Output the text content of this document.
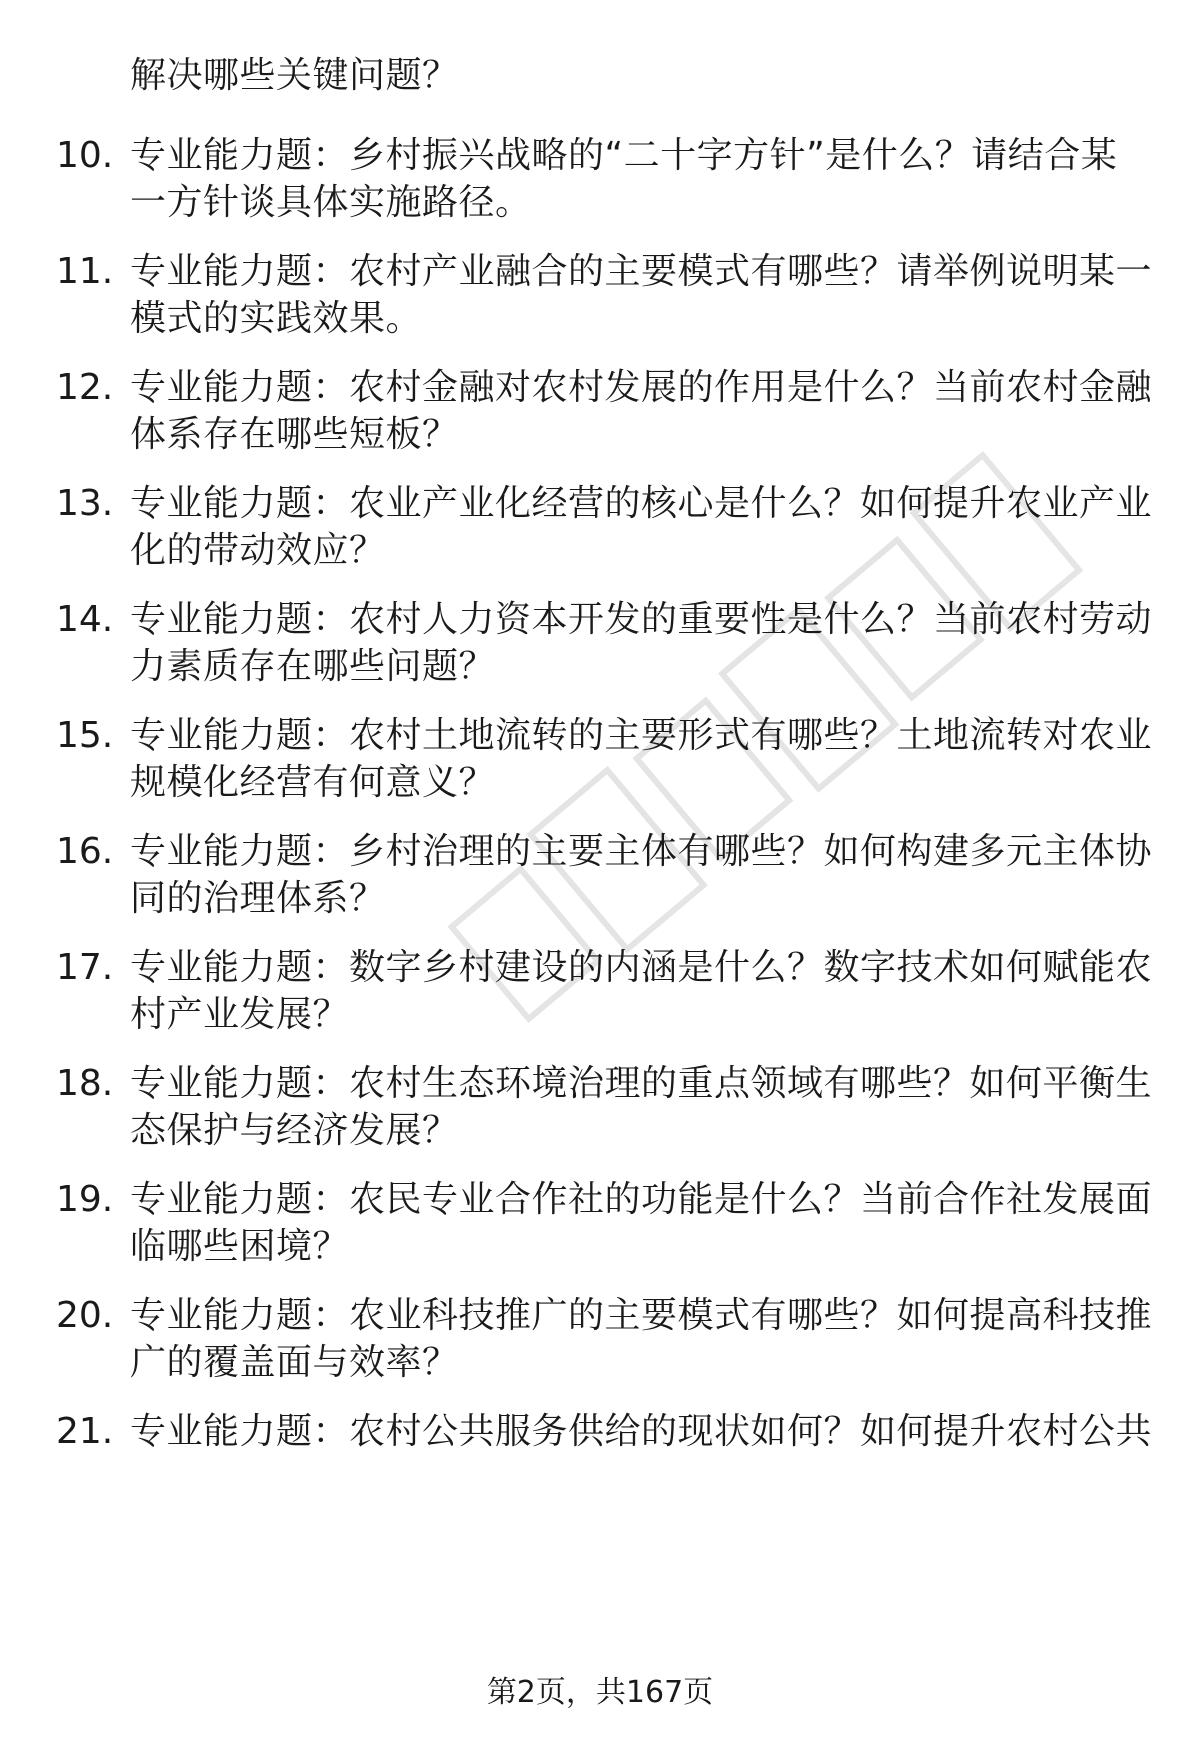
解决哪些关键问题？
10. 专业能力题：乡村振兴战略的“二十字方针”是什么？请结合某
一方针谈具体实施路径。
11. 专业能力题：农村产业融合的主要模式有哪些？请举例说明某一
模式的实践效果。
12. 专业能力题：农村金融对农村发展的作用是什么？当前农村金融
体系存在哪些短板？
13. 专业能力题：农业产业化经营的核心是什么？如何提升农业产业
化的带动效应？
14. 专业能力题：农村人力资本开发的重要性是什么？当前农村劳动
力素质存在哪些问题？
15. 专业能力题：农村土地流转的主要形式有哪些？土地流转对农业
规模化经营有何意义？
16. 专业能力题：乡村治理的主要主体有哪些？如何构建多元主体协
同的治理体系？
17. 专业能力题：数字乡村建设的内涵是什么？数字技术如何赋能农
村产业发展？
18. 专业能力题：农村生态环境治理的重点领域有哪些？如何平衡生
态保护与经济发展？
19. 专业能力题：农民专业合作社的功能是什么？当前合作社发展面
临哪些困境？
20. 专业能力题：农业科技推广的主要模式有哪些？如何提高科技推
广的覆盖面与效率？
21. 专业能力题：农村公共服务供给的现状如何？如何提升农村公共
第2页，共167页
